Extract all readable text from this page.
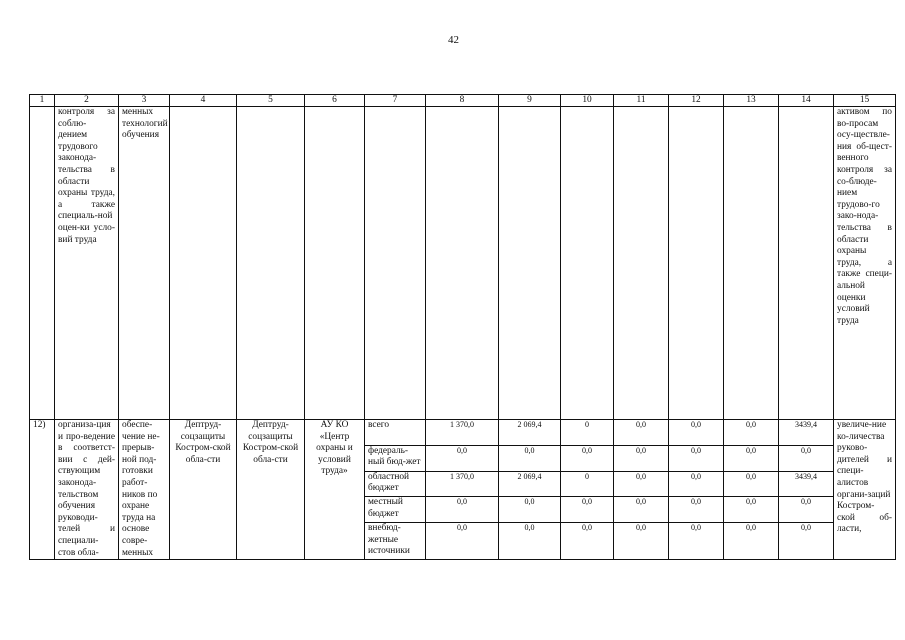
42
1	2	3	4	5	6	7	8	9	10	11	12	13	14	15
	контроля за соблю-дением трудового законода-тельства в области охраны труда, а также специаль-ной оцен-ки усло-вий труда	менных технологий обучения												активом по во-просам осу-ществле-ния об-щест-венного контроля за со-блюде-нием трудово-го зако-нода-тельства в области охраны труда, а также специ-альной оценки условий труда
12)	организа-ция и про-ведение в соответст-вии с дей-ствующим законода-тельством обучения руководи-телей и специали-стов обла-	обеспе-чение не-прерыв-ной под-готовки работ-ников по охране труда на основе совре-менных	Дептруд-соцзащиты Костром-ской обла-сти	Дептруд-соцзащиты Костром-ской обла-сти	АУ КО «Центр охраны и условий труда»	всего	1 370,0	2 069,4	0	0,0	0,0	0,0	3439,4	увеличе-ние ко-личества руково-дителей и специ-алистов органи-заций Костром-ской об-ласти,
						федераль-ный бюд-жет	0,0	0,0	0,0	0,0	0,0	0,0	0,0	
						областной бюджет	1 370,0	2 069,4	0	0,0	0,0	0,0	3439,4	
						местный бюджет	0,0	0,0	0,0	0,0	0,0	0,0	0,0	
						внебюд-жетные источники	0,0	0,0	0,0	0,0	0,0	0,0	0,0	
